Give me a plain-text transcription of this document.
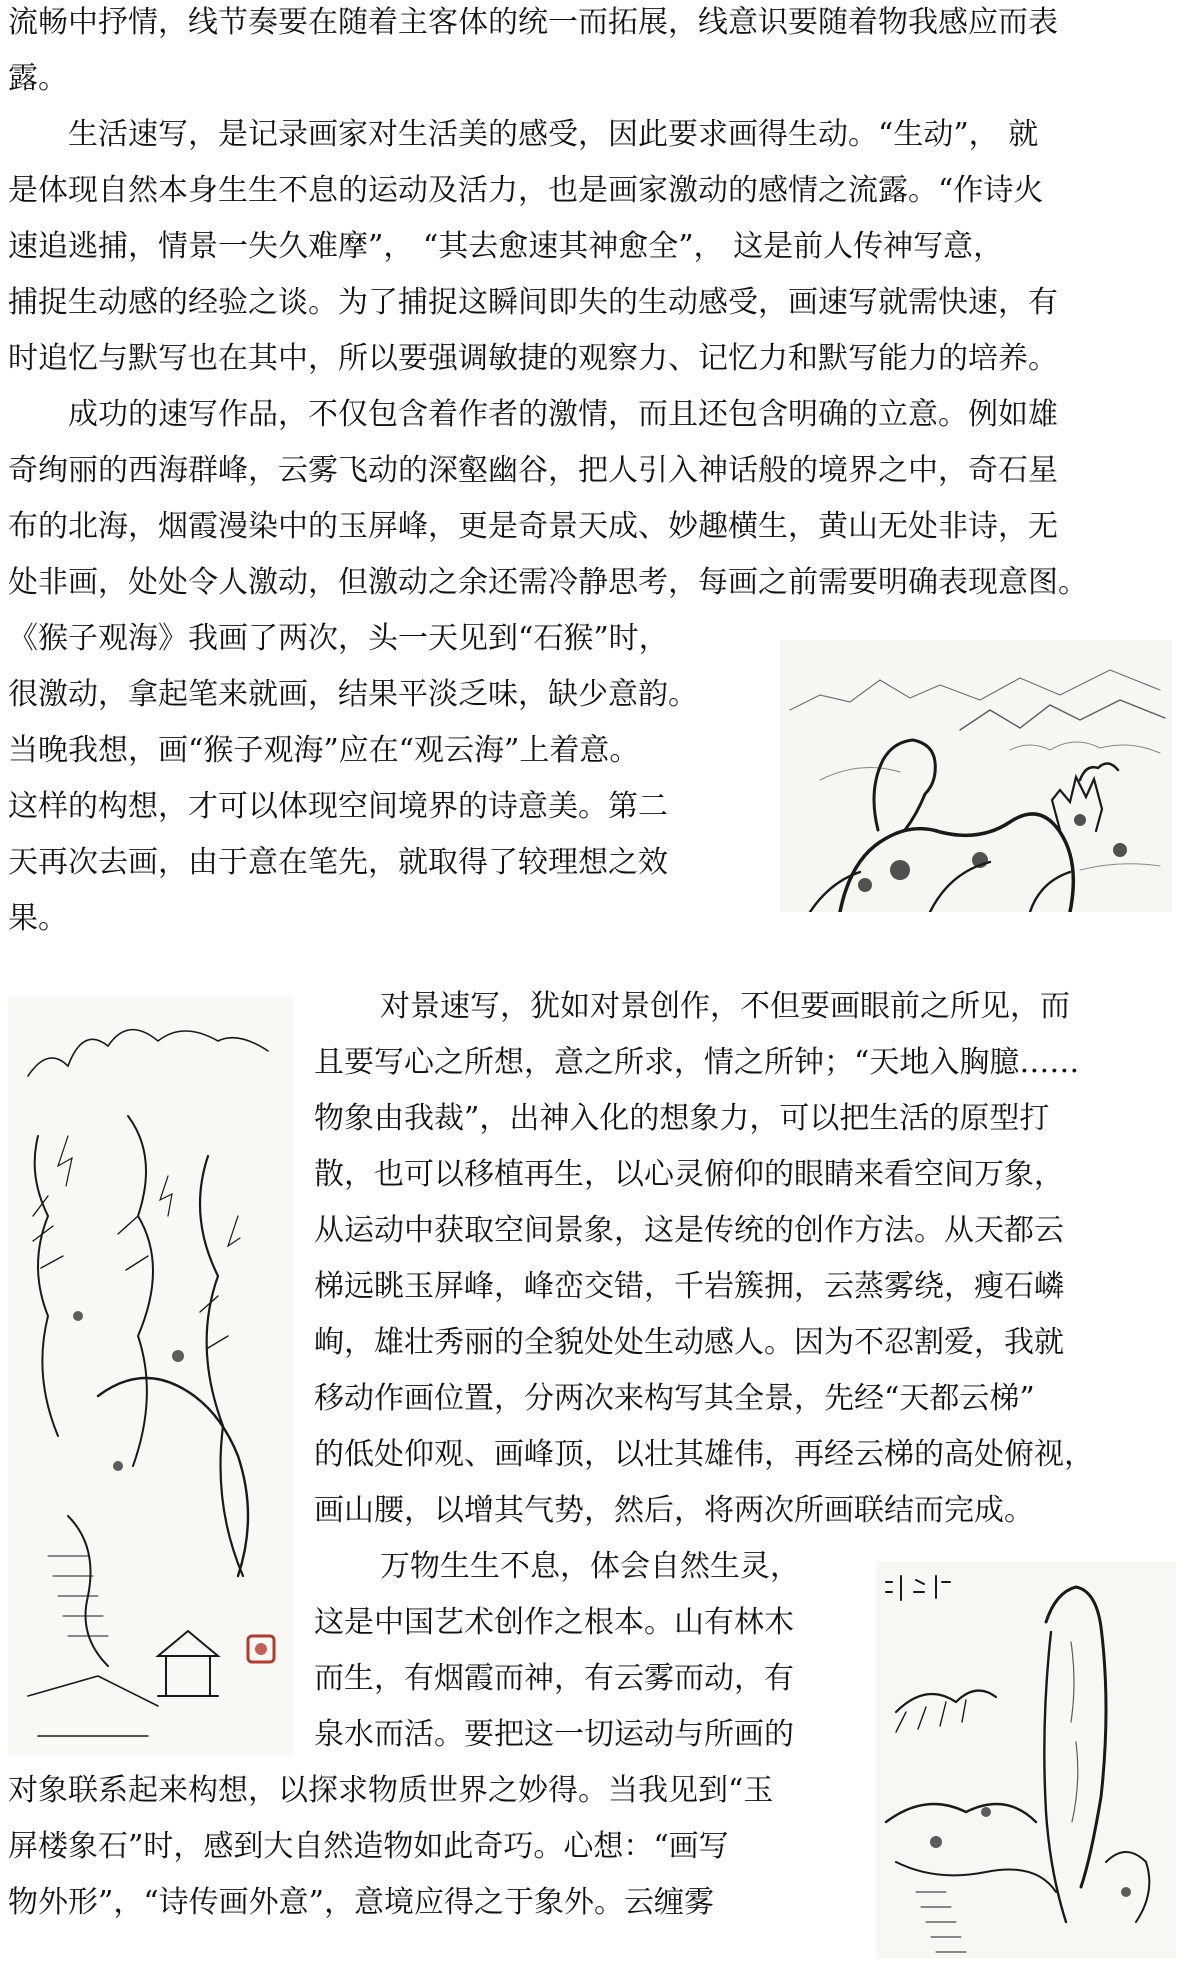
流畅中抒情，线节奏要在随着主客体的统一而拓展，线意识要随着物我感应而表
露。
生活速写，是记录画家对生活美的感受，因此要求画得生动。“生动”， 就
是体现自然本身生生不息的运动及活力，也是画家激动的感情之流露。“作诗火
速追逃捕，情景一失久难摩”， “其去愈速其神愈全”， 这是前人传神写意，
捕捉生动感的经验之谈。为了捕捉这瞬间即失的生动感受，画速写就需快速，有
时追忆与默写也在其中，所以要强调敏捷的观察力、记忆力和默写能力的培养。
成功的速写作品，不仅包含着作者的激情，而且还包含明确的立意。例如雄
奇绚丽的西海群峰，云雾飞动的深壑幽谷，把人引入神话般的境界之中，奇石星
布的北海，烟霞漫染中的玉屏峰，更是奇景天成、妙趣横生，黄山无处非诗，无
处非画，处处令人激动，但激动之余还需冷静思考，每画之前需要明确表现意图。
《猴子观海》我画了两次，头一天见到“石猴”时，
很激动，拿起笔来就画，结果平淡乏味，缺少意韵。
当晚我想，画“猴子观海”应在“观云海”上着意。
这样的构想，才可以体现空间境界的诗意美。第二
天再次去画，由于意在笔先，就取得了较理想之效
果。
对景速写，犹如对景创作，不但要画眼前之所见，而
且要写心之所想，意之所求，情之所钟；“天地入胸臆……
物象由我裁”，出神入化的想象力，可以把生活的原型打
散，也可以移植再生，以心灵俯仰的眼睛来看空间万象，
从运动中获取空间景象，这是传统的创作方法。从天都云
梯远眺玉屏峰，峰峦交错，千岩簇拥，云蒸雾绕，瘦石嶙
峋，雄壮秀丽的全貌处处生动感人。因为不忍割爱，我就
移动作画位置，分两次来构写其全景，先经“天都云梯”
的低处仰观、画峰顶，以壮其雄伟，再经云梯的高处俯视，
画山腰，以增其气势，然后，将两次所画联结而完成。
万物生生不息，体会自然生灵，
这是中国艺术创作之根本。山有林木
而生，有烟霞而神，有云雾而动，有
泉水而活。要把这一切运动与所画的
对象联系起来构想，以探求物质世界之妙得。当我见到“玉
屏楼象石”时，感到大自然造物如此奇巧。心想：“画写
物外形”，“诗传画外意”，意境应得之于象外。云缠雾
